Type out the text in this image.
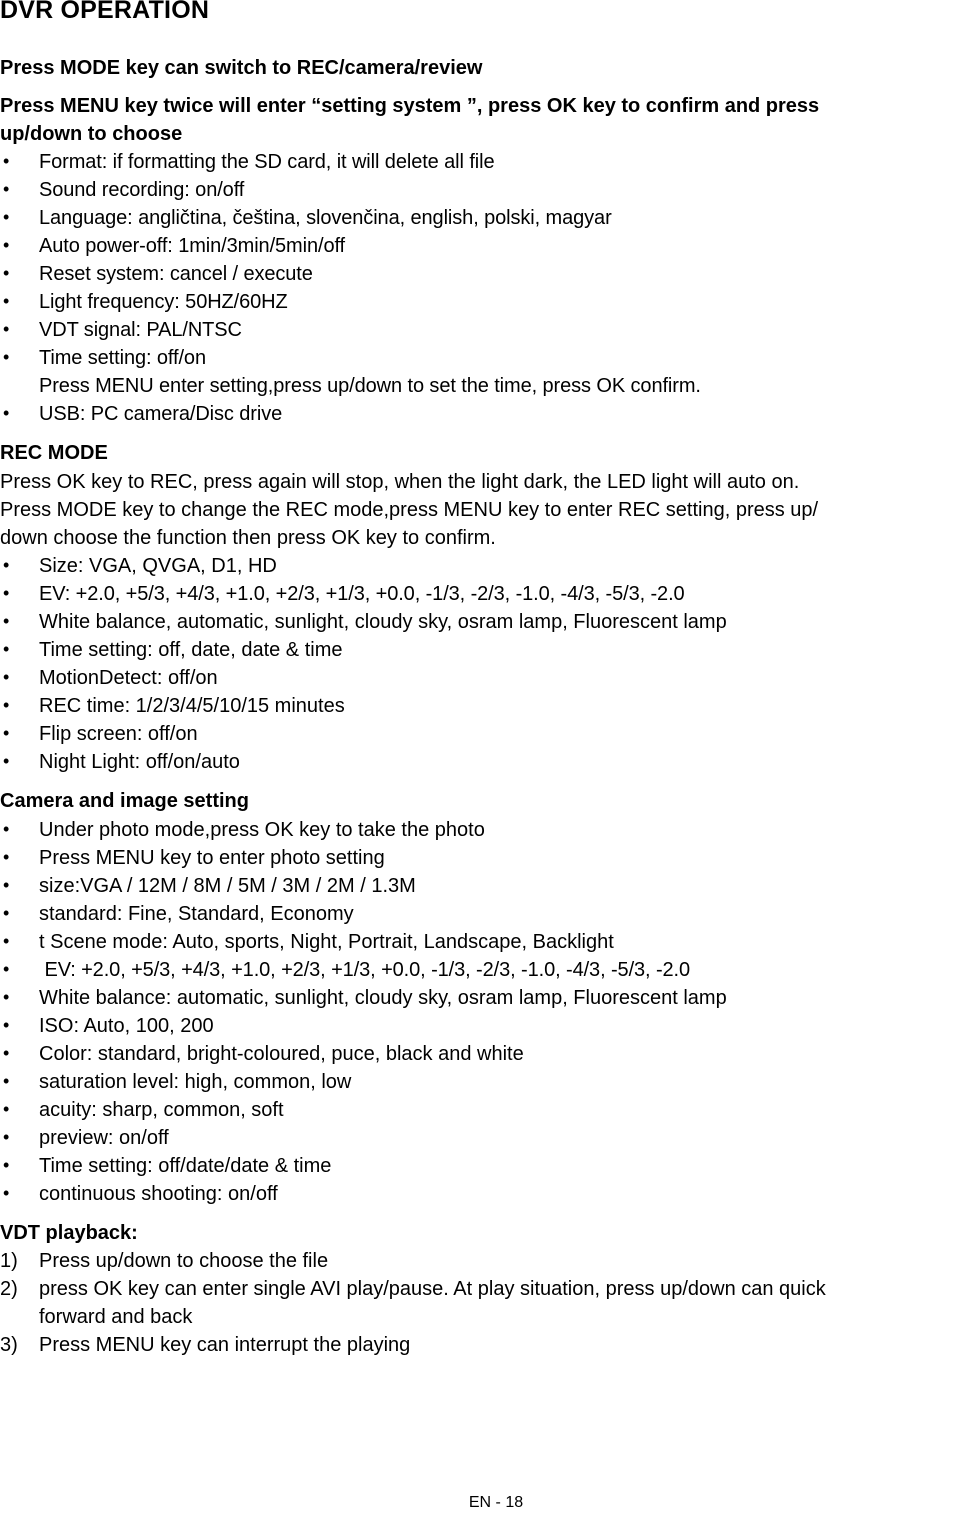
DVR OPERATION
Press MODE key can switch to REC/camera/review
Press MENU key twice will enter “setting system ”, press OK key to confirm and press
up/down to choose
• Format: if formatting the SD card, it will delete all file
• Sound recording: on/off
• Language: angličtina, čeština, slovenčina, english, polski, magyar
• Auto power-off: 1min/3min/5min/off
• Reset system: cancel / execute
• Light frequency: 50HZ/60HZ
• VDT signal: PAL/NTSC
• Time setting: off/on
Press MENU enter setting,press up/down to set the time, press OK confirm.
• USB: PC camera/Disc drive
REC MODE
Press OK key to REC, press again will stop, when the light dark, the LED light will auto on.
Press MODE key to change the REC mode,press MENU key to enter REC setting, press up/
down choose the function then press OK key to confirm.
• Size: VGA, QVGA, D1, HD
• EV: +2.0, +5/3, +4/3, +1.0, +2/3, +1/3, +0.0, -1/3, -2/3, -1.0, -4/3, -5/3, -2.0
• White balance, automatic, sunlight, cloudy sky, osram lamp, Fluorescent lamp
• Time setting: off, date, date & time
• MotionDetect: off/on
• REC time: 1/2/3/4/5/10/15 minutes
• Flip screen: off/on
• Night Light: off/on/auto
Camera and image setting
• Under photo mode,press OK key to take the photo
• Press MENU key to enter photo setting
• size:VGA / 12M / 8M / 5M / 3M / 2M / 1.3M
• standard: Fine, Standard, Economy
• t Scene mode: Auto, sports, Night, Portrait, Landscape, Backlight
• EV: +2.0, +5/3, +4/3, +1.0, +2/3, +1/3, +0.0, -1/3, -2/3, -1.0, -4/3, -5/3, -2.0
• White balance: automatic, sunlight, cloudy sky, osram lamp, Fluorescent lamp
• ISO: Auto, 100, 200
• Color: standard, bright-coloured, puce, black and white
• saturation level: high, common, low
• acuity: sharp, common, soft
• preview: on/off
• Time setting: off/date/date & time
• continuous shooting: on/off
VDT playback:
1) Press up/down to choose the file
2) press OK key can enter single AVI play/pause. At play situation, press up/down can quick
forward and back
3) Press MENU key can interrupt the playing
EN - 18
